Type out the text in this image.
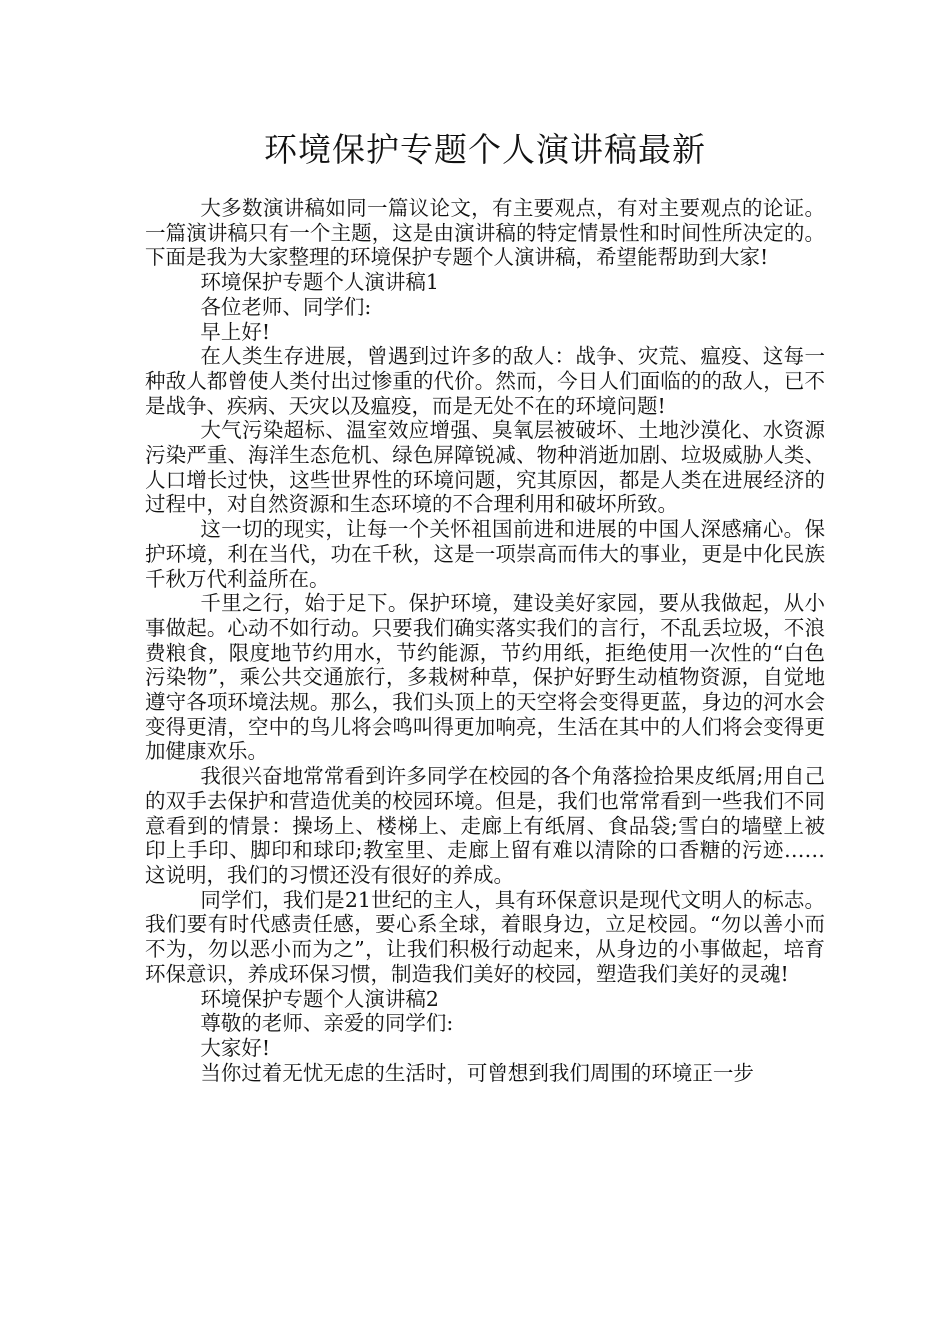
环境保护专题个人演讲稿最新

大多数演讲稿如同一篇议论文，有主要观点，有对主要观点的论证。一篇演讲稿只有一个主题，这是由演讲稿的特定情景性和时间性所决定的。下面是我为大家整理的环境保护专题个人演讲稿，希望能帮助到大家!

环境保护专题个人演讲稿1

各位老师、同学们:

早上好!

在人类生存进展，曾遇到过许多的敌人：战争、灾荒、瘟疫、这每一种敌人都曾使人类付出过惨重的代价。然而，今日人们面临的的敌人，已不是战争、疾病、天灾以及瘟疫，而是无处不在的环境问题!

大气污染超标、温室效应增强、臭氧层被破坏、土地沙漠化、水资源污染严重、海洋生态危机、绿色屏障锐减、物种消逝加剧、垃圾威胁人类、人口增长过快，这些世界性的环境问题，究其原因，都是人类在进展经济的过程中，对自然资源和生态环境的不合理利用和破坏所致。

这一切的现实，让每一个关怀祖国前进和进展的中国人深感痛心。保护环境，利在当代，功在千秋，这是一项崇高而伟大的事业，更是中化民族千秋万代利益所在。

千里之行，始于足下。保护环境，建设美好家园，要从我做起，从小事做起。心动不如行动。只要我们确实落实我们的言行，不乱丢垃圾，不浪费粮食，限度地节约用水，节约能源，节约用纸，拒绝使用一次性的“白色污染物”，乘公共交通旅行，多栽树种草，保护好野生动植物资源，自觉地遵守各项环境法规。那么，我们头顶上的天空将会变得更蓝，身边的河水会变得更清，空中的鸟儿将会鸣叫得更加响亮，生活在其中的人们将会变得更加健康欢乐。

我很兴奋地常常看到许多同学在校园的各个角落捡拾果皮纸屑;用自己的双手去保护和营造优美的校园环境。但是，我们也常常看到一些我们不同意看到的情景：操场上、楼梯上、走廊上有纸屑、食品袋;雪白的墙壁上被印上手印、脚印和球印;教室里、走廊上留有难以清除的口香糖的污迹……这说明，我们的习惯还没有很好的养成。

同学们，我们是21世纪的主人，具有环保意识是现代文明人的标志。我们要有时代感责任感，要心系全球，着眼身边，立足校园。“勿以善小而不为，勿以恶小而为之”，让我们积极行动起来，从身边的小事做起，培育环保意识，养成环保习惯，制造我们美好的校园，塑造我们美好的灵魂!

环境保护专题个人演讲稿2

尊敬的老师、亲爱的同学们:

大家好!

当你过着无忧无虑的生活时，可曾想到我们周围的环境正一步
